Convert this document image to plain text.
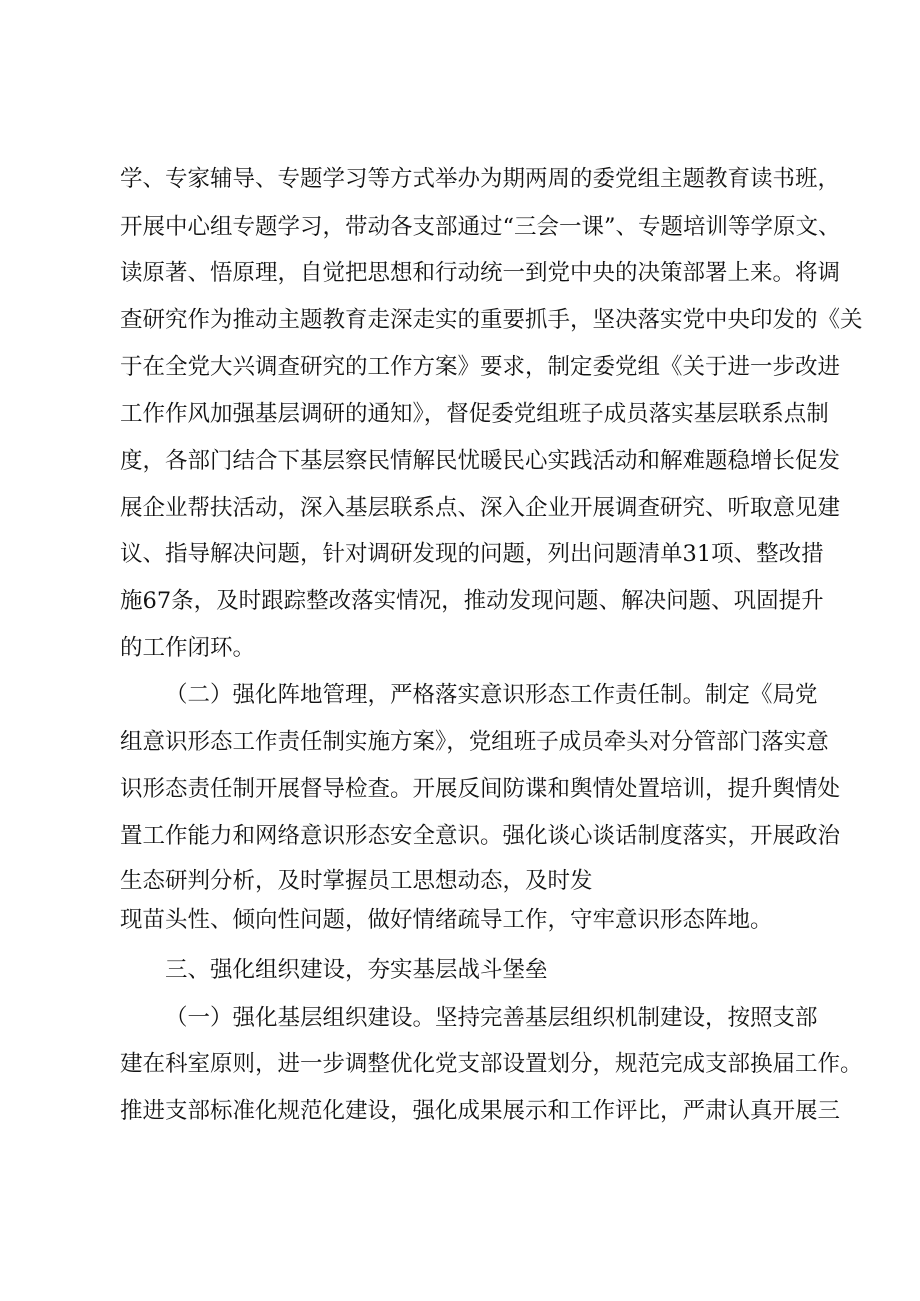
学、专家辅导、专题学习等方式举办为期两周的委党组主题教育读书班，
开展中心组专题学习，带动各支部通过“三会一课”、专题培训等学原文、
读原著、悟原理，自觉把思想和行动统一到党中央的决策部署上来。将调
查研究作为推动主题教育走深走实的重要抓手，坚决落实党中央印发的《关
于在全党大兴调查研究的工作方案》要求，制定委党组《关于进一步改进
工作作风加强基层调研的通知》，督促委党组班子成员落实基层联系点制
度，各部门结合下基层察民情解民忧暖民心实践活动和解难题稳增长促发
展企业帮扶活动，深入基层联系点、深入企业开展调查研究、听取意见建
议、指导解决问题，针对调研发现的问题，列出问题清单31项、整改措
施67条，及时跟踪整改落实情况，推动发现问题、解决问题、巩固提升
的工作闭环。
（二）强化阵地管理，严格落实意识形态工作责任制。制定《局党
组意识形态工作责任制实施方案》，党组班子成员牵头对分管部门落实意
识形态责任制开展督导检查。开展反间防谍和舆情处置培训，提升舆情处
置工作能力和网络意识形态安全意识。强化谈心谈话制度落实，开展政治
生态研判分析，及时掌握员工思想动态，及时发
现苗头性、倾向性问题，做好情绪疏导工作，守牢意识形态阵地。
三、强化组织建设，夯实基层战斗堡垒
（一）强化基层组织建设。坚持完善基层组织机制建设，按照支部
建在科室原则，进一步调整优化党支部设置划分，规范完成支部换届工作。
推进支部标准化规范化建设，强化成果展示和工作评比，严肃认真开展三
